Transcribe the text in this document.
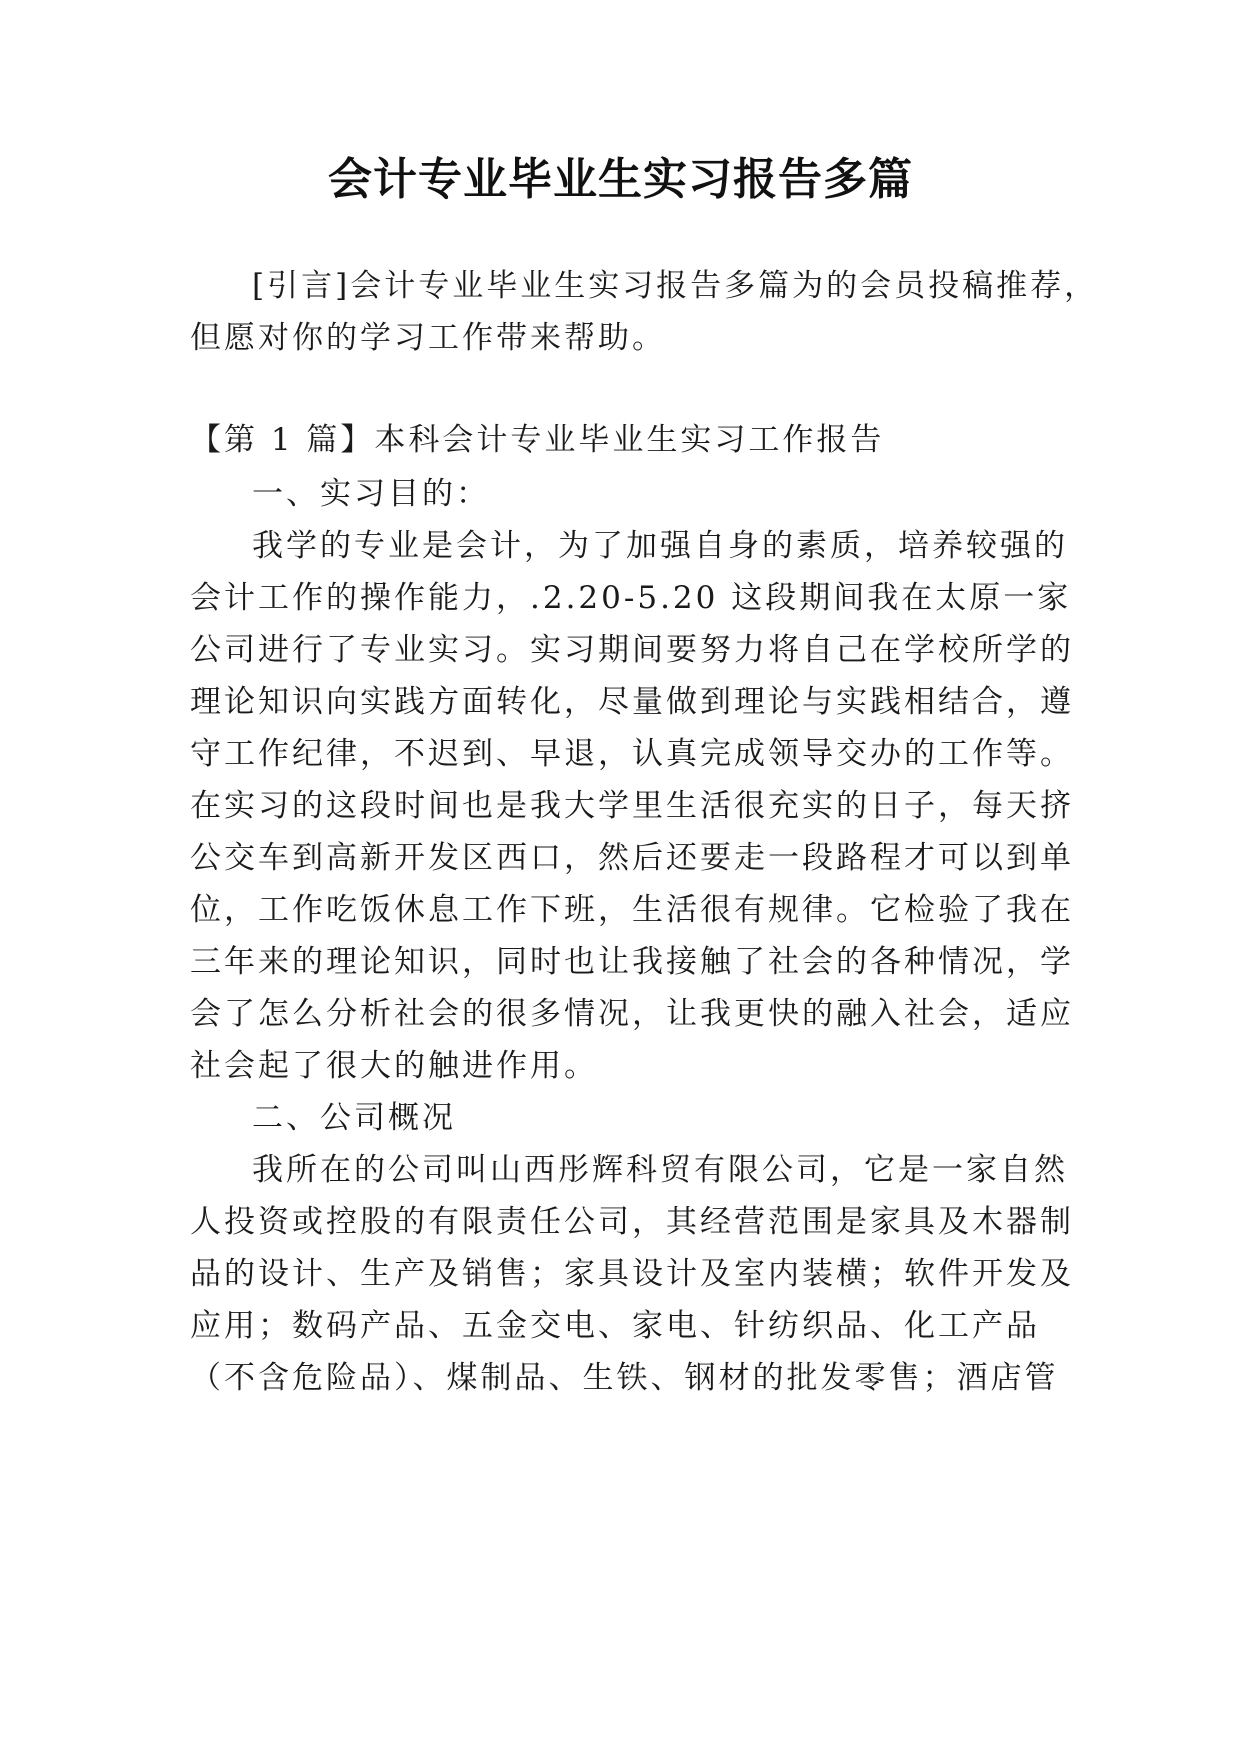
会计专业毕业生实习报告多篇
[引言]会计专业毕业生实习报告多篇为的会员投稿推荐，
但愿对你的学习工作带来帮助。
【第 1 篇】本科会计专业毕业生实习工作报告
一、实习目的：
我学的专业是会计，为了加强自身的素质，培养较强的
会计工作的操作能力，.2.20-5.20 这段期间我在太原一家
公司进行了专业实习。实习期间要努力将自己在学校所学的
理论知识向实践方面转化，尽量做到理论与实践相结合，遵
守工作纪律，不迟到、早退，认真完成领导交办的工作等。
在实习的这段时间也是我大学里生活很充实的日子，每天挤
公交车到高新开发区西口，然后还要走一段路程才可以到单
位，工作吃饭休息工作下班，生活很有规律。它检验了我在
三年来的理论知识，同时也让我接触了社会的各种情况，学
会了怎么分析社会的很多情况，让我更快的融入社会，适应
社会起了很大的触进作用。
二、公司概况
我所在的公司叫山西彤辉科贸有限公司，它是一家自然
人投资或控股的有限责任公司，其经营范围是家具及木器制
品的设计、生产及销售；家具设计及室内装横；软件开发及
应用；数码产品、五金交电、家电、针纺织品、化工产品
（不含危险品）、煤制品、生铁、钢材的批发零售；酒店管
